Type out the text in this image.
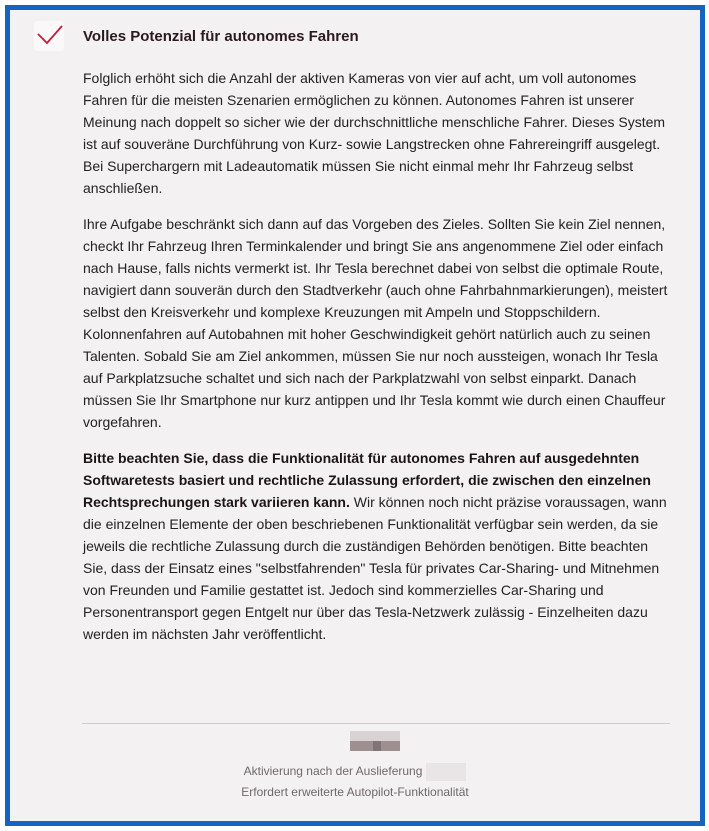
Volles Potenzial für autonomes Fahren

Folglich erhöht sich die Anzahl der aktiven Kameras von vier auf acht, um voll autonomes Fahren für die meisten Szenarien ermöglichen zu können. Autonomes Fahren ist unserer Meinung nach doppelt so sicher wie der durchschnittliche menschliche Fahrer. Dieses System ist auf souveräne Durchführung von Kurz- sowie Langstrecken ohne Fahrereingriff ausgelegt. Bei Superchargern mit Ladeautomatik müssen Sie nicht einmal mehr Ihr Fahrzeug selbst anschließen.

Ihre Aufgabe beschränkt sich dann auf das Vorgeben des Zieles. Sollten Sie kein Ziel nennen, checkt Ihr Fahrzeug Ihren Terminkalender und bringt Sie ans angenommene Ziel oder einfach nach Hause, falls nichts vermerkt ist. Ihr Tesla berechnet dabei von selbst die optimale Route, navigiert dann souverän durch den Stadtverkehr (auch ohne Fahrbahnmarkierungen), meistert selbst den Kreisverkehr und komplexe Kreuzungen mit Ampeln und Stoppschildern. Kolonnenfahren auf Autobahnen mit hoher Geschwindigkeit gehört natürlich auch zu seinen Talenten. Sobald Sie am Ziel ankommen, müssen Sie nur noch aussteigen, wonach Ihr Tesla auf Parkplatzsuche schaltet und sich nach der Parkplatzwahl von selbst einparkt. Danach müssen Sie Ihr Smartphone nur kurz antippen und Ihr Tesla kommt wie durch einen Chauffeur vorgefahren.

Bitte beachten Sie, dass die Funktionalität für autonomes Fahren auf ausgedehnten Softwaretests basiert und rechtliche Zulassung erfordert, die zwischen den einzelnen Rechtsprechungen stark variieren kann. Wir können noch nicht präzise voraussagen, wann die einzelnen Elemente der oben beschriebenen Funktionalität verfügbar sein werden, da sie jeweils die rechtliche Zulassung durch die zuständigen Behörden benötigen. Bitte beachten Sie, dass der Einsatz eines "selbstfahrenden" Tesla für privates Car-Sharing- und Mitnehmen von Freunden und Familie gestattet ist. Jedoch sind kommerzielles Car-Sharing und Personentransport gegen Entgelt nur über das Tesla-Netzwerk zulässig - Einzelheiten dazu werden im nächsten Jahr veröffentlicht.

Aktivierung nach der Auslieferung
Erfordert erweiterte Autopilot-Funktionalität
